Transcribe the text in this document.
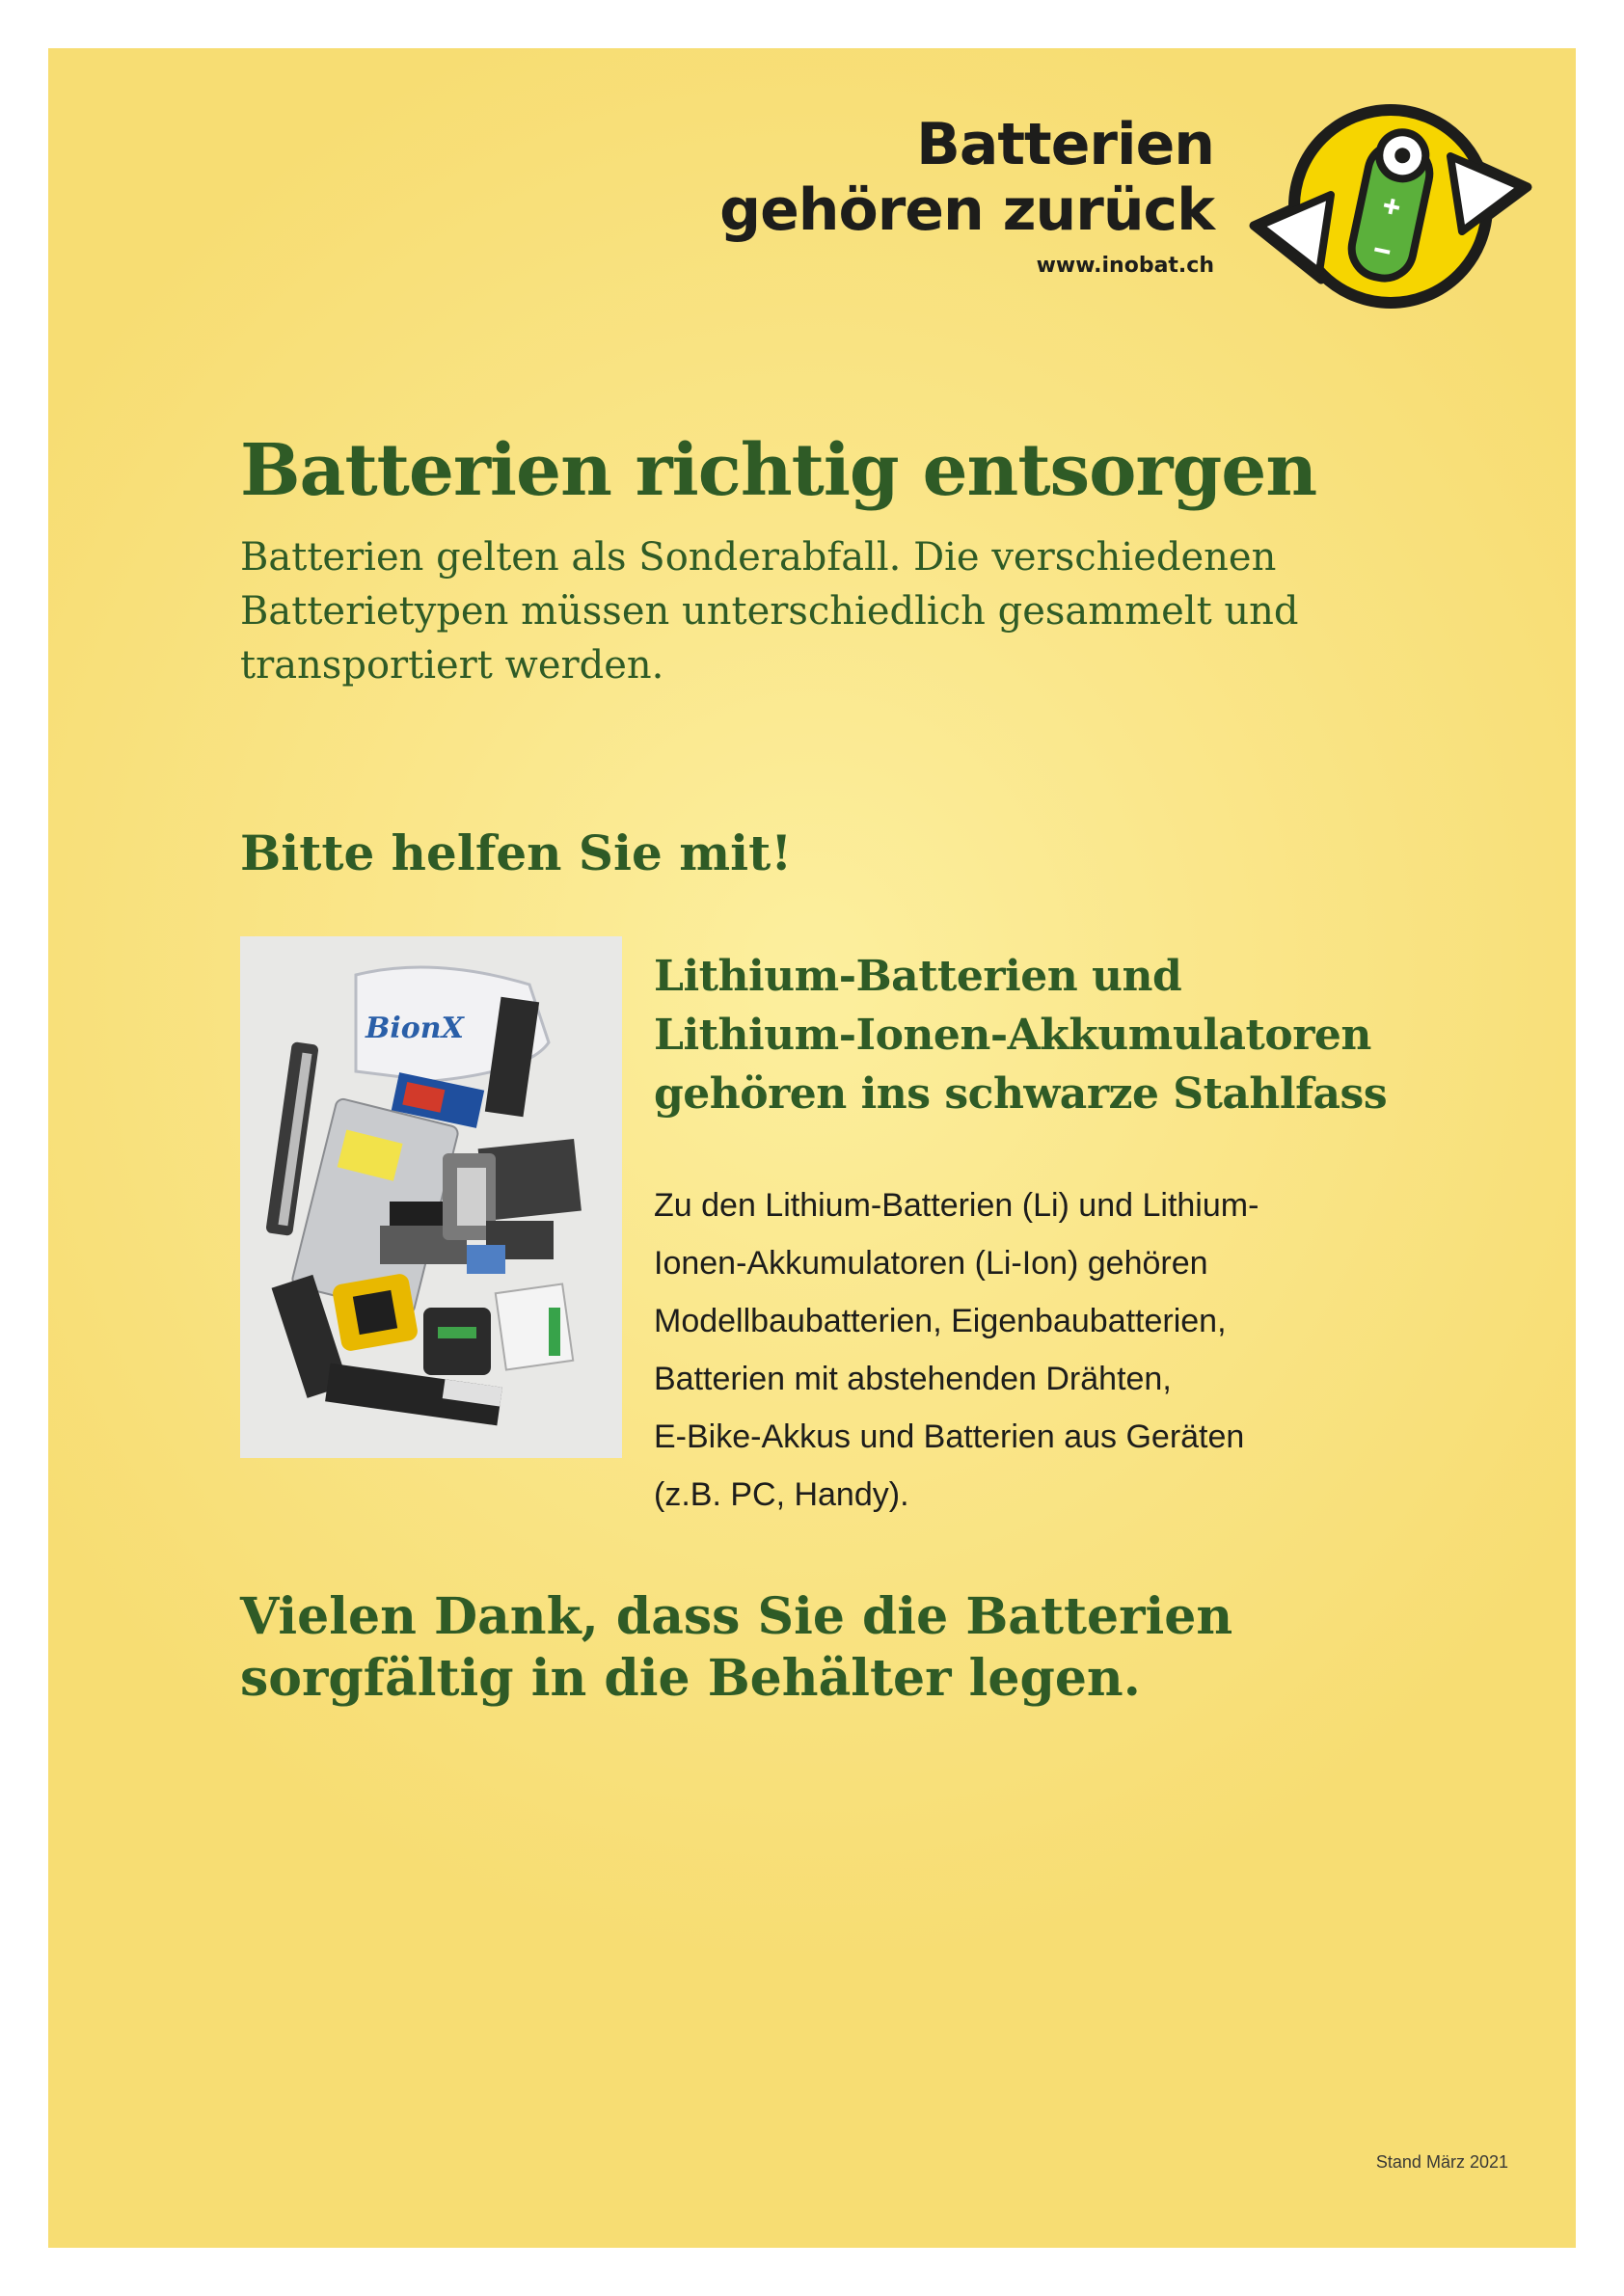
Batterien
gehören zurück
www.inobat.ch
Batterien richtig entsorgen

Batterien gelten als Sonderabfall. Die verschiedenen Batterietypen müssen unterschiedlich gesammelt und transportiert werden.

Bitte helfen Sie mit!
BionX
Lithium-Batterien und
Lithium-Ionen-Akkumulatoren
gehören ins schwarze Stahlfass

Zu den Lithium-Batterien (Li) und Lithium-
Ionen-Akkumulatoren (Li-Ion) gehören
Modellbaubatterien, Eigenbaubatterien,
Batterien mit abstehenden Drähten,
E-Bike-Akkus und Batterien aus Geräten
(z.B. PC, Handy).

Vielen Dank, dass Sie die Batterien
sorgfältig in die Behälter legen.

Stand März 2021
